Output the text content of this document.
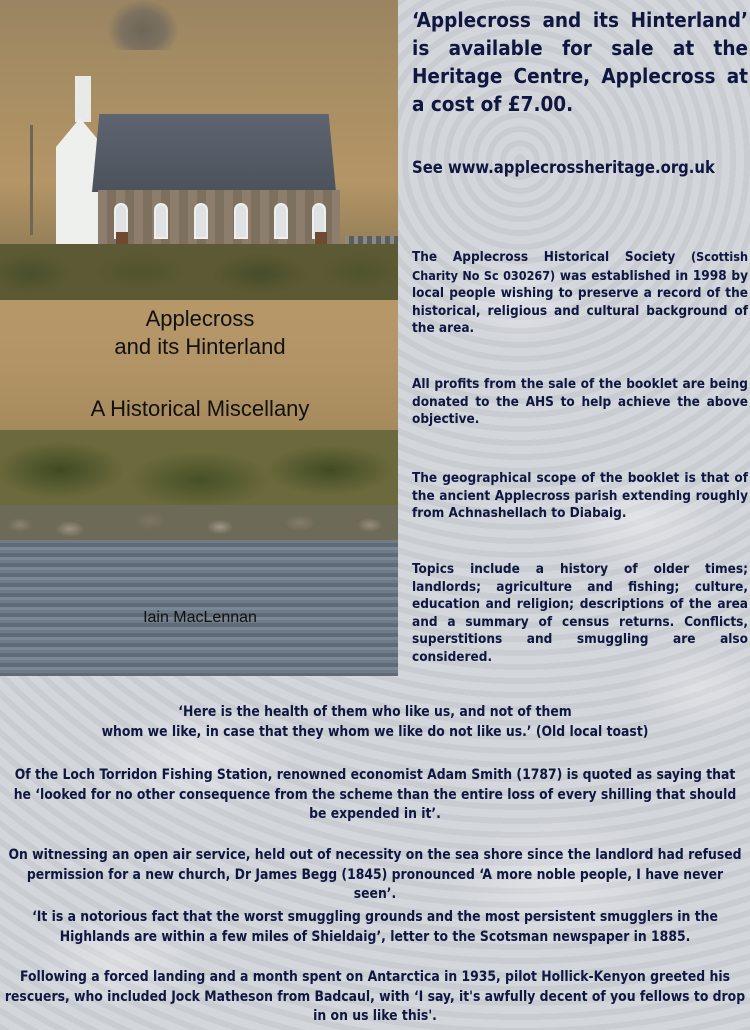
Applecross
and its Hinterland

A Historical Miscellany

Iain MacLennan

‘Applecross and its Hinterland’ is available for sale at the Heritage Centre, Applecross at a cost of £7.00.

See www.applecrossheritage.org.uk

The Applecross Historical Society (Scottish Charity No Sc 030267) was established in 1998 by local people wishing to preserve a record of the historical, religious and cultural background of the area.

All profits from the sale of the booklet are being donated to the AHS to help achieve the above objective.

The geographical scope of the booklet is that of the ancient Applecross parish extending roughly from Achnashellach to Diabaig.

Topics include a history of older times; landlords; agriculture and fishing; culture, education and religion; descriptions of the area and a summary of census returns. Conflicts, superstitions and smuggling are also considered.

‘Here is the health of them who like us, and not of them
whom we like, in case that they whom we like do not like us.’ (Old local toast)

Of the Loch Torridon Fishing Station, renowned economist Adam Smith (1787) is quoted as saying that he ‘looked for no other consequence from the scheme than the entire loss of every shilling that should be expended in it’.

On witnessing an open air service, held out of necessity on the sea shore since the landlord had refused permission for a new church, Dr James Begg (1845) pronounced ‘A more noble people, I have never seen’.

‘It is a notorious fact that the worst smuggling grounds and the most persistent smugglers in the Highlands are within a few miles of Shieldaig’, letter to the Scotsman newspaper in 1885.

Following a forced landing and a month spent on Antarctica in 1935, pilot Hollick-Kenyon greeted his rescuers, who included Jock Matheson from Badcaul, with ‘I say, it's awfully decent of you fellows to drop in on us like this'.
